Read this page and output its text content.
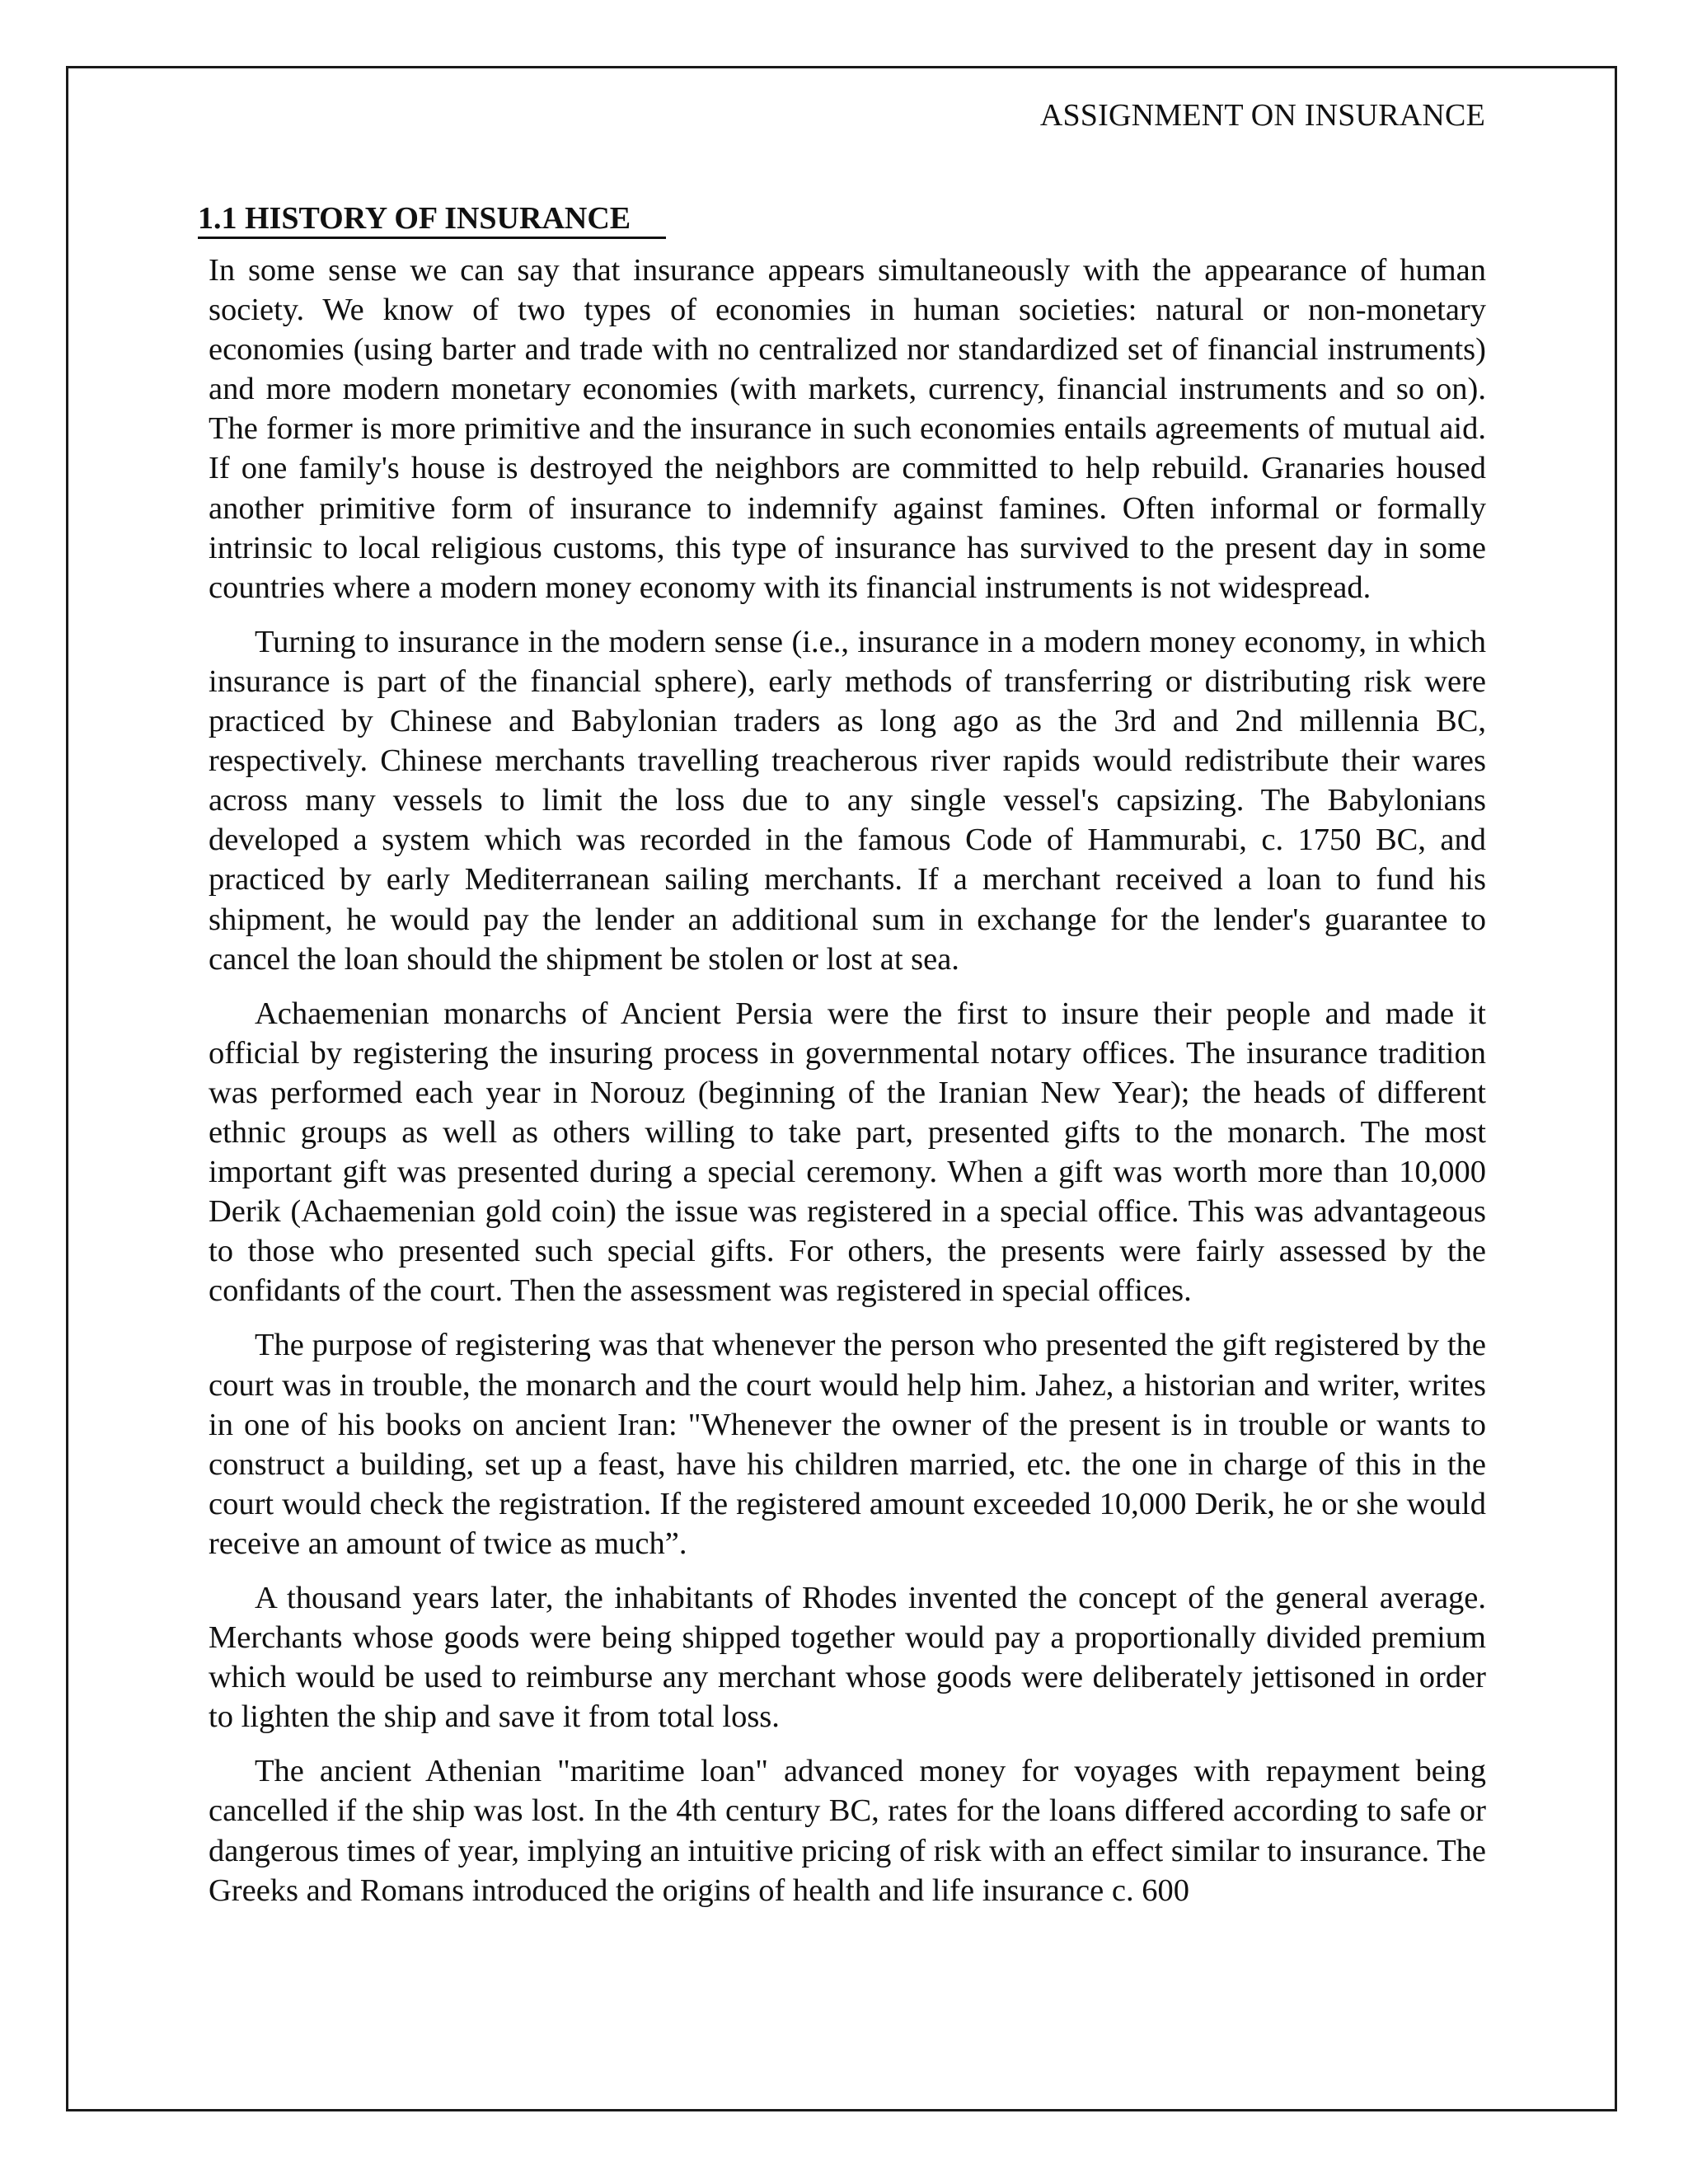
ASSIGNMENT ON INSURANCE
1.1 HISTORY OF INSURANCE

In some sense we can say that insurance appears simultaneously with the appearance of human society. We know of two types of economies in human societies: natural or non-monetary economies (using barter and trade with no centralized nor standardized set of financial instruments) and more modern monetary economies (with markets, currency, financial instruments and so on). The former is more primitive and the insurance in such economies entails agreements of mutual aid. If one family's house is destroyed the neighbors are committed to help rebuild. Granaries housed another primitive form of insurance to indemnify against famines. Often informal or formally intrinsic to local religious customs, this type of insurance has survived to the present day in some countries where a modern money economy with its financial instruments is not widespread.

Turning to insurance in the modern sense (i.e., insurance in a modern money economy, in which insurance is part of the financial sphere), early methods of transferring or distributing risk were practiced by Chinese and Babylonian traders as long ago as the 3rd and 2nd millennia BC, respectively. Chinese merchants travelling treacherous river rapids would redistribute their wares across many vessels to limit the loss due to any single vessel's capsizing. The Babylonians developed a system which was recorded in the famous Code of Hammurabi, c. 1750 BC, and practiced by early Mediterranean sailing merchants. If a merchant received a loan to fund his shipment, he would pay the lender an additional sum in exchange for the lender's guarantee to cancel the loan should the shipment be stolen or lost at sea.

Achaemenian monarchs of Ancient Persia were the first to insure their people and made it official by registering the insuring process in governmental notary offices. The insurance tradition was performed each year in Norouz (beginning of the Iranian New Year); the heads of different ethnic groups as well as others willing to take part, presented gifts to the monarch. The most important gift was presented during a special ceremony. When a gift was worth more than 10,000 Derik (Achaemenian gold coin) the issue was registered in a special office. This was advantageous to those who presented such special gifts. For others, the presents were fairly assessed by the confidants of the court. Then the assessment was registered in special offices.

The purpose of registering was that whenever the person who presented the gift registered by the court was in trouble, the monarch and the court would help him. Jahez, a historian and writer, writes in one of his books on ancient Iran: "Whenever the owner of the present is in trouble or wants to construct a building, set up a feast, have his children married, etc. the one in charge of this in the court would check the registration. If the registered amount exceeded 10,000 Derik, he or she would receive an amount of twice as much”.

A thousand years later, the inhabitants of Rhodes invented the concept of the general average. Merchants whose goods were being shipped together would pay a proportionally divided premium which would be used to reimburse any merchant whose goods were deliberately jettisoned in order to lighten the ship and save it from total loss.

The ancient Athenian "maritime loan" advanced money for voyages with repayment being cancelled if the ship was lost. In the 4th century BC, rates for the loans differed according to safe or dangerous times of year, implying an intuitive pricing of risk with an effect similar to insurance. The Greeks and Romans introduced the origins of health and life insurance c. 600
